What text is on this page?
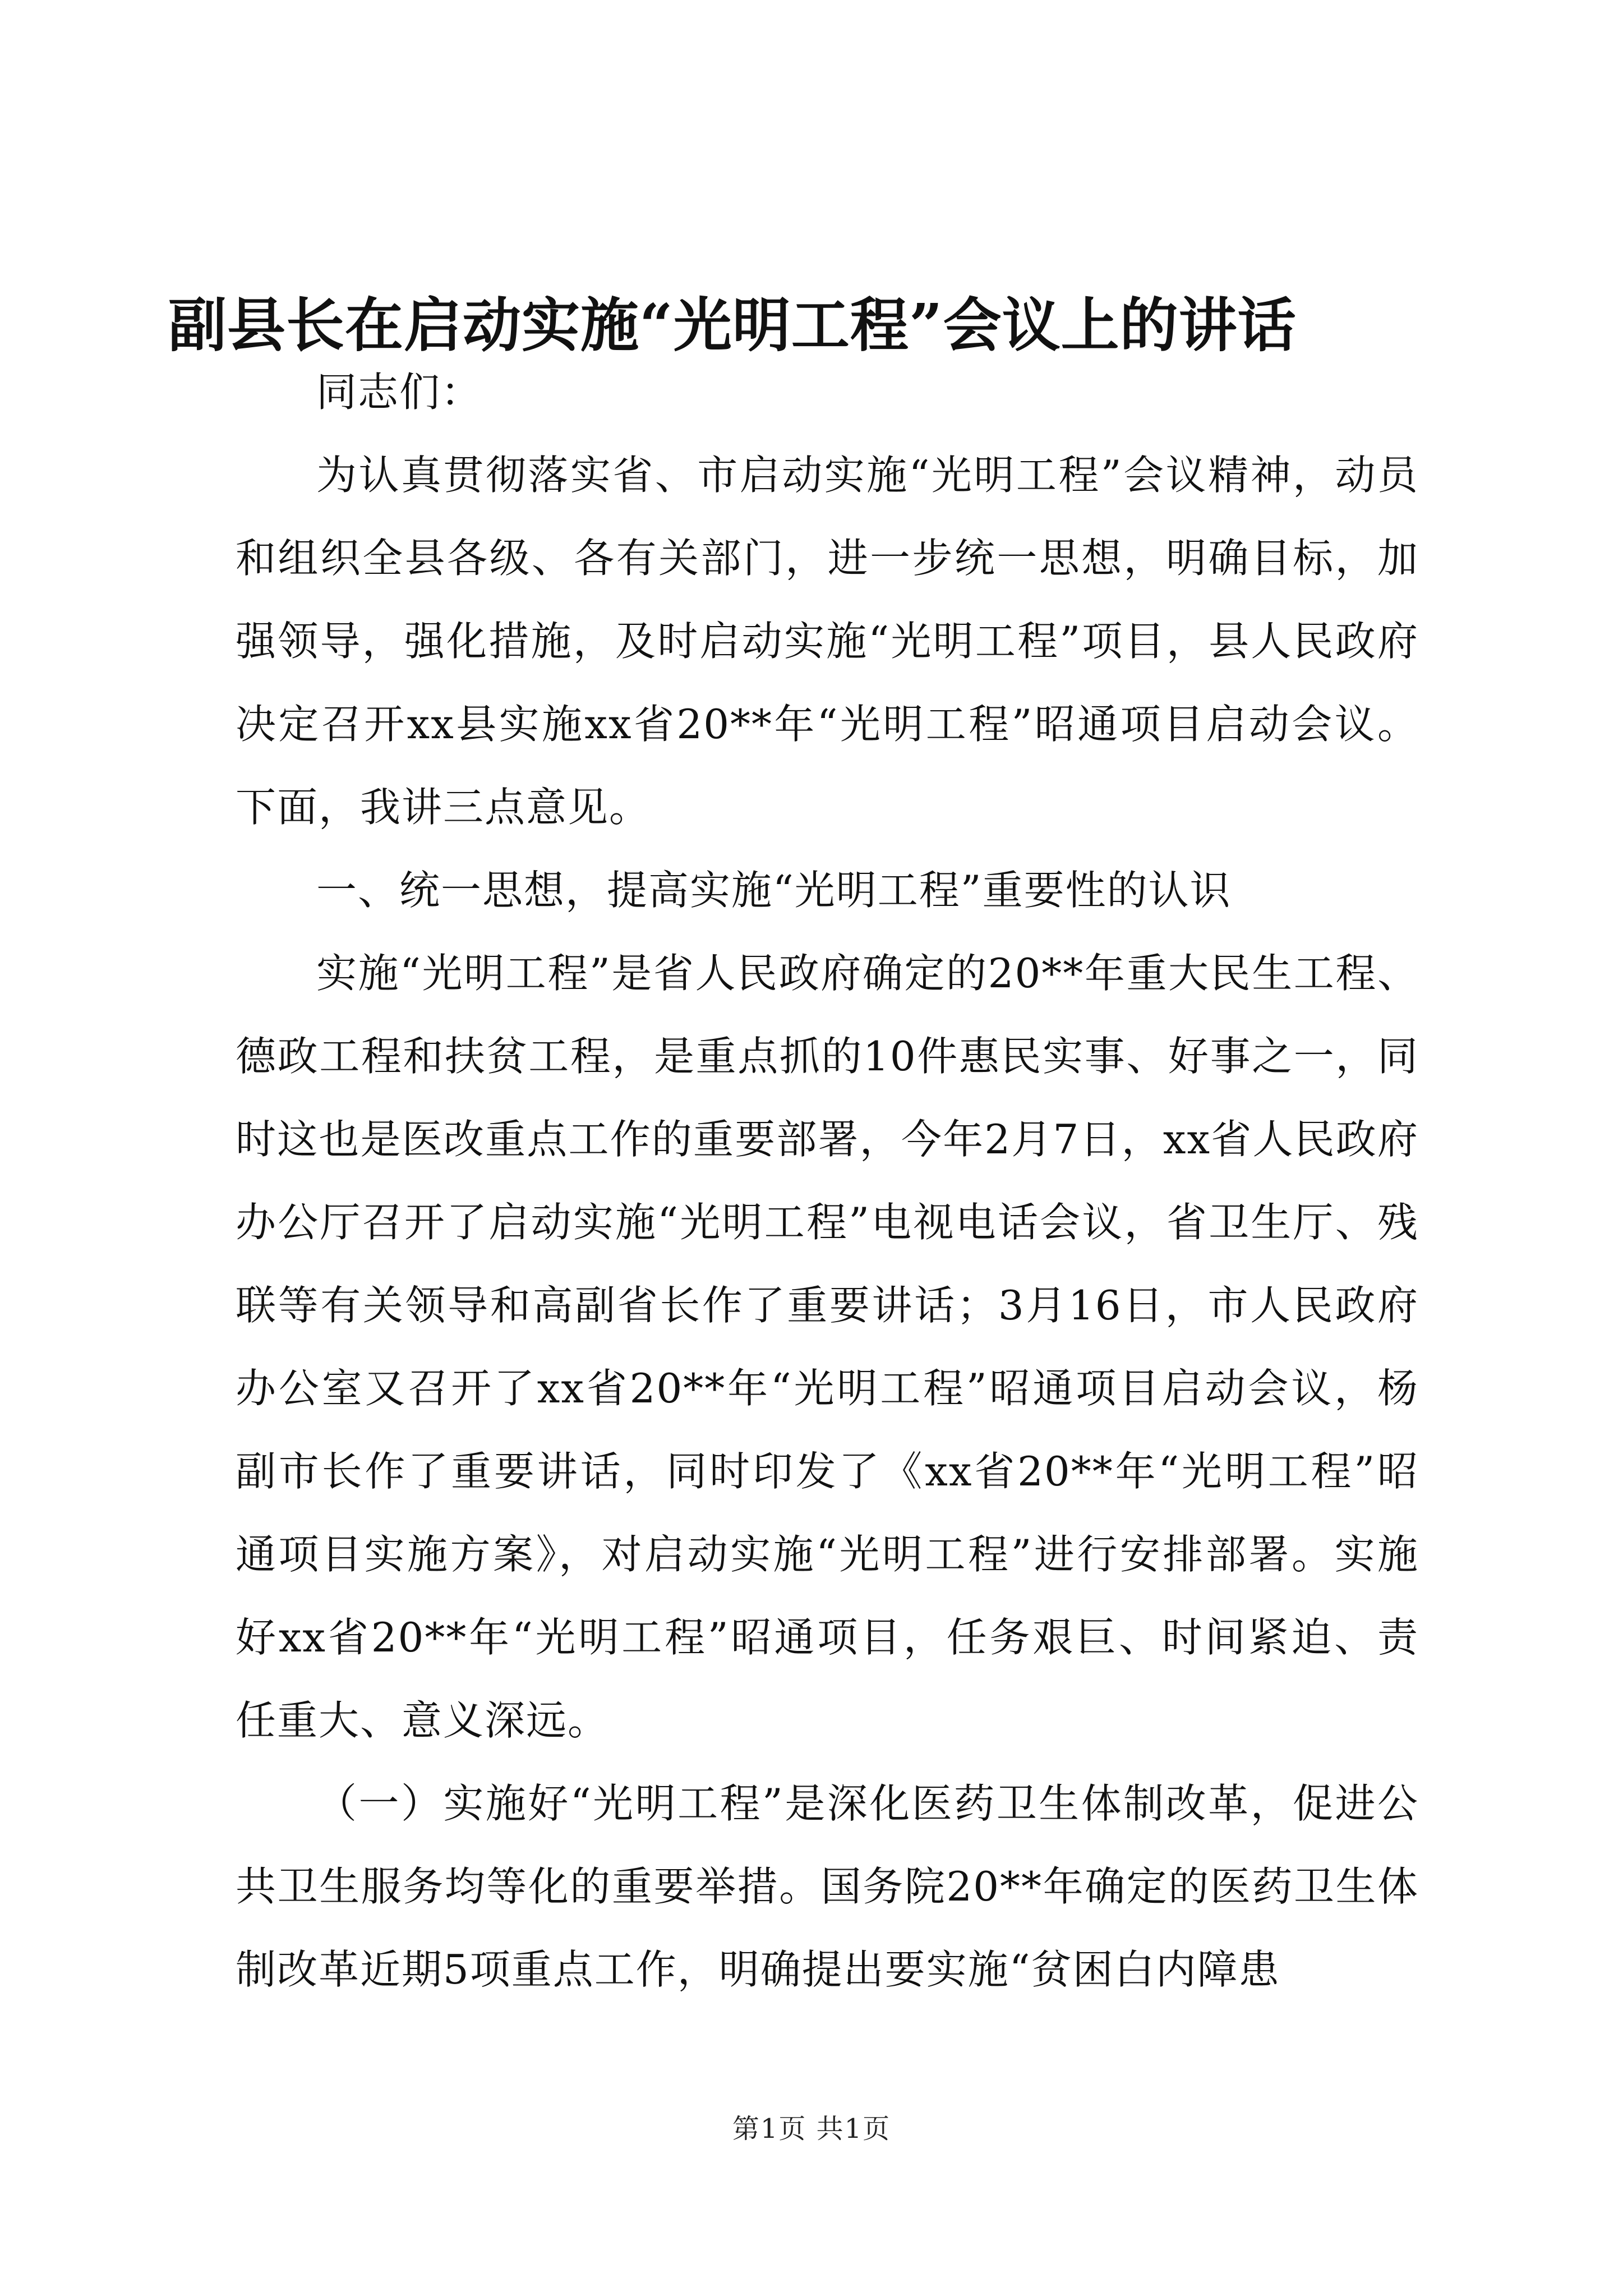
副县长在启动实施“光明工程”会议上的讲话

同志们：

为认真贯彻落实省、市启动实施“光明工程”会议精神，动员和组织全县各级、各有关部门，进一步统一思想，明确目标，加强领导，强化措施，及时启动实施“光明工程”项目，县人民政府决定召开xx县实施xx省20**年“光明工程”昭通项目启动会议。下面，我讲三点意见。

一、统一思想，提高实施“光明工程”重要性的认识

实施“光明工程”是省人民政府确定的20**年重大民生工程、德政工程和扶贫工程，是重点抓的10件惠民实事、好事之一，同时这也是医改重点工作的重要部署，今年2月7日，xx省人民政府办公厅召开了启动实施“光明工程”电视电话会议，省卫生厅、残联等有关领导和高副省长作了重要讲话；3月16日，市人民政府办公室又召开了xx省20**年“光明工程”昭通项目启动会议，杨副市长作了重要讲话，同时印发了《xx省20**年“光明工程”昭通项目实施方案》，对启动实施“光明工程”进行安排部署。实施好xx省20**年“光明工程”昭通项目，任务艰巨、时间紧迫、责任重大、意义深远。

（一）实施好“光明工程”是深化医药卫生体制改革，促进公共卫生服务均等化的重要举措。国务院20**年确定的医药卫生体制改革近期5项重点工作，明确提出要实施“贫困白内障患

第1页 共1页
